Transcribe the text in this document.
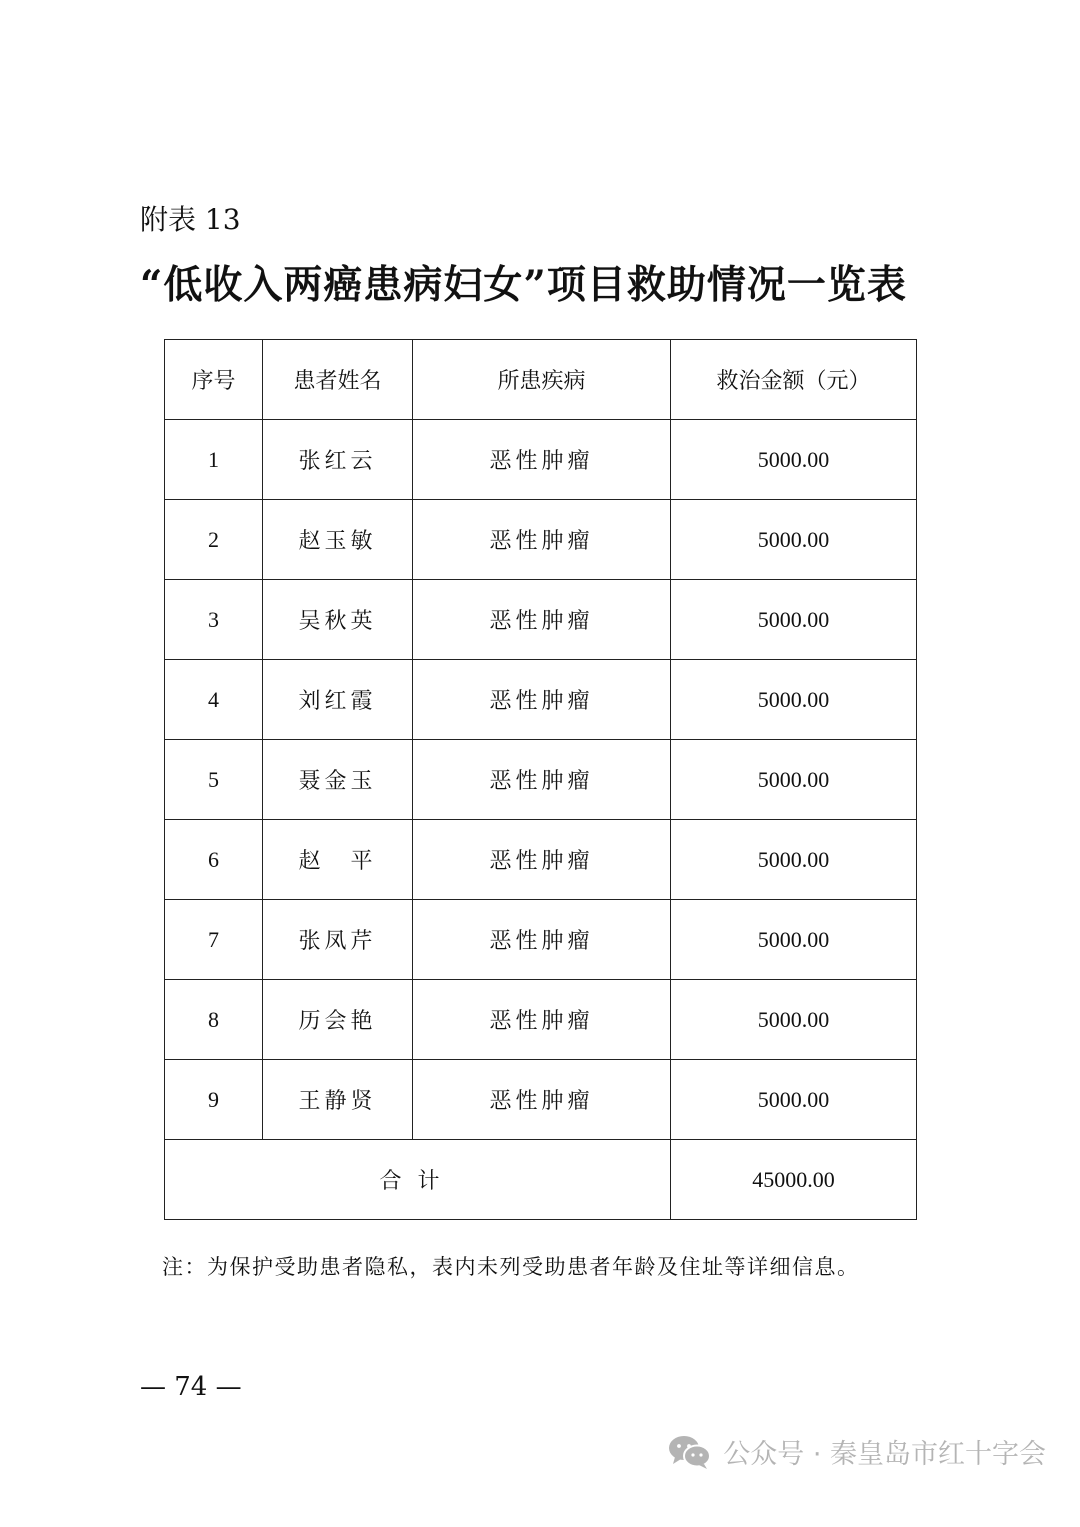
附表 13
“低收入两癌患病妇女”项目救助情况一览表
序号	患者姓名	所患疾病	救治金额（元）
1	张红云	恶性肿瘤	5000.00
2	赵玉敏	恶性肿瘤	5000.00
3	吴秋英	恶性肿瘤	5000.00
4	刘红霞	恶性肿瘤	5000.00
5	聂金玉	恶性肿瘤	5000.00
6	赵　平	恶性肿瘤	5000.00
7	张凤芹	恶性肿瘤	5000.00
8	历会艳	恶性肿瘤	5000.00
9	王静贤	恶性肿瘤	5000.00
合计			45000.00
注：为保护受助患者隐私，表内未列受助患者年龄及住址等详细信息。
— 74 —
公众号 · 秦皇岛市红十字会
